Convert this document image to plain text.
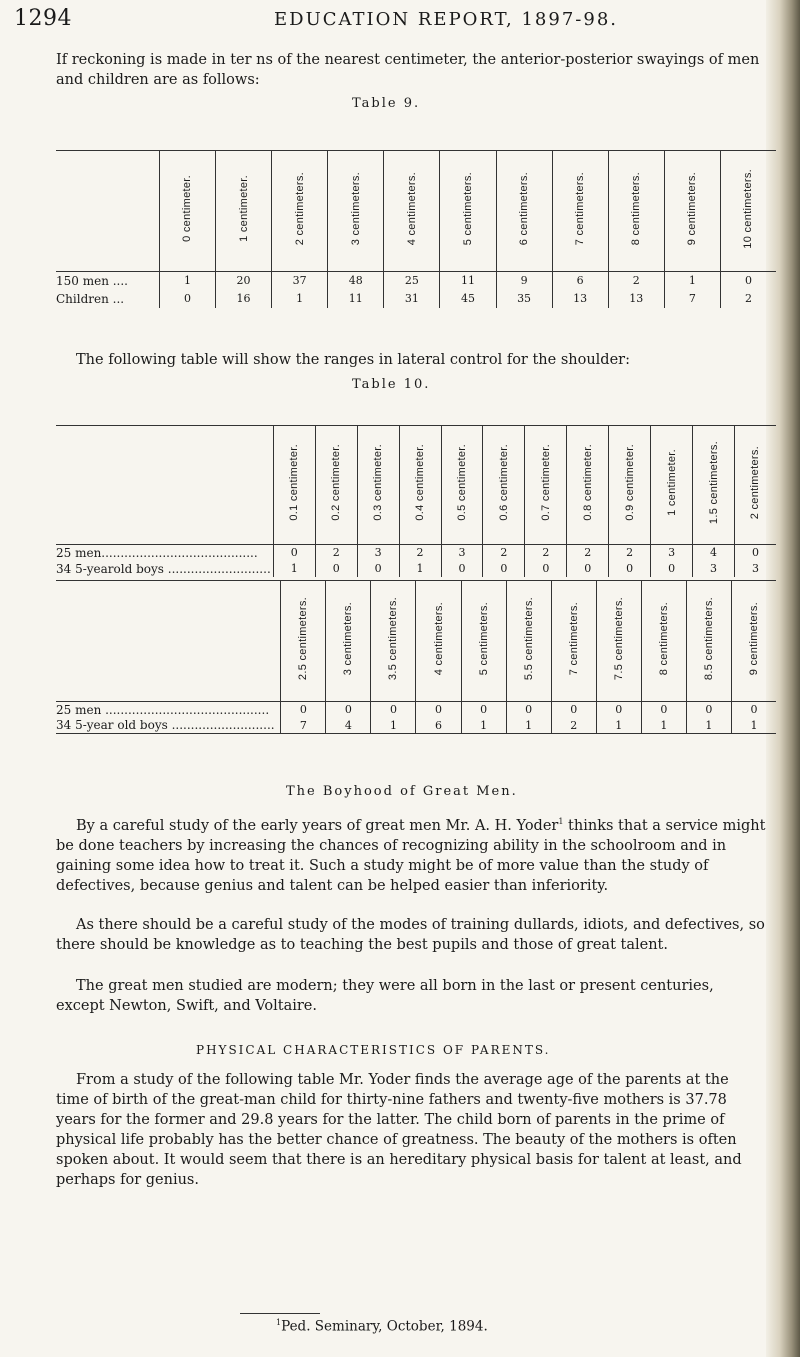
1294	EDUCATION REPORT, 1897-98.
If reckoning is made in ter ns of the nearest centimeter, the anterior-posterior swayings of men and children are as follows:
Table 9.
	0 centimeter.	1 centimeter.	2 centimeters.	3 centimeters.	4 centimeters.	5 centimeters.	6 centimeters.	7 centimeters.	8 centimeters.	9 centimeters.	10 centimeters.
150 men ....	1	20	37	48	25	11	9	6	2	1	0
Children ...	0	16	1	11	31	45	35	13	13	7	2
The following table will show the ranges in lateral control for the shoulder:
Table 10.
	0.1 centimeter.	0.2 centimeter.	0.3 centimeter.	0.4 centimeter.	0.5 centimeter.	0.6 centimeter.	0.7 centimeter.	0.8 centimeter.	0.9 centimeter.	1 centimeter.	1.5 centimeters.	2 centimeters.
25 men.........................................	0	2	3	2	3	2	2	2	2	3	4	0
34 5-yearold boys ...........................	1	0	0	1	0	0	0	0	0	0	3	3
	2.5 centimeters.	3 centimeters.	3.5 centimeters.	4 centimeters.	5 centimeters.	5.5 centimeters.	7 centimeters.	7.5 centimeters.	8 centimeters.	8.5 centimeters.	9 centimeters.
25 men ...........................................	0	0	0	0	0	0	0	0	0	0	0
34 5-year old boys ...........................	7	4	1	6	1	1	2	1	1	1	1
The Boyhood of Great Men.
By a careful study of the early years of great men Mr. A. H. Yoder$^1$ thinks that a service might be done teachers by increasing the chances of recognizing ability in the schoolroom and in gaining some idea how to treat it. Such a study might be of more value than the study of defectives, because genius and talent can be helped easier than inferiority.
As there should be a careful study of the modes of training dullards, idiots, and defectives, so there should be knowledge as to teaching the best pupils and those of great talent.
The great men studied are modern; they were all born in the last or present centuries, except Newton, Swift, and Voltaire.
PHYSICAL CHARACTERISTICS OF PARENTS.
From a study of the following table Mr. Yoder finds the average age of the parents at the time of birth of the great-man child for thirty-nine fathers and twenty-five mothers is 37.78 years for the former and 29.8 years for the latter. The child born of parents in the prime of physical life probably has the better chance of greatness. The beauty of the mothers is often spoken about. It would seem that there is an hereditary physical basis for talent at least, and perhaps for genius.
$^1$Ped. Seminary, October, 1894.
